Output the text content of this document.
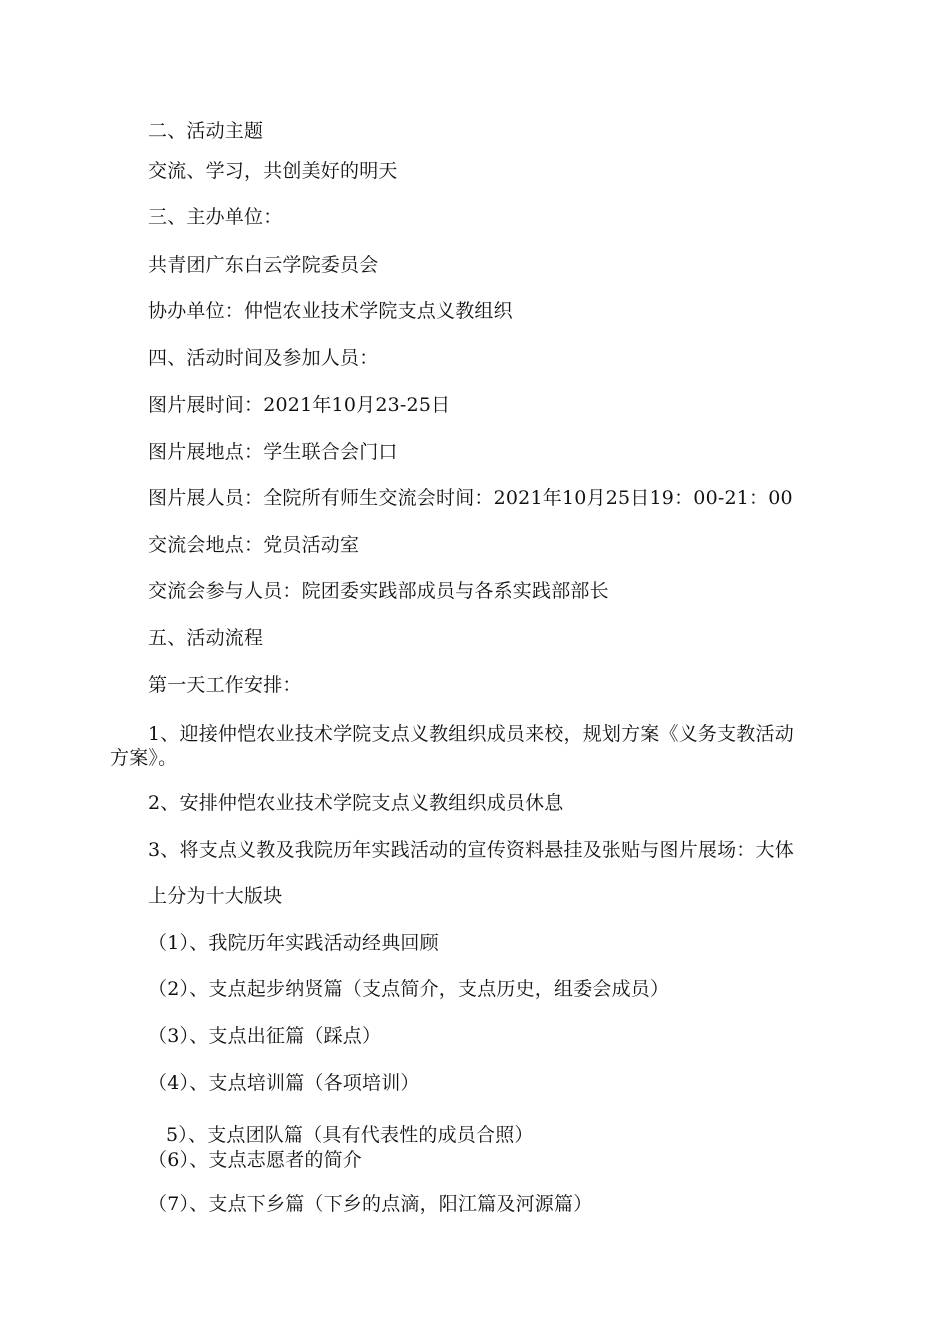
二、活动主题
交流、学习，共创美好的明天
三、主办单位：
共青团广东白云学院委员会
协办单位：仲恺农业技术学院支点义教组织
四、活动时间及参加人员：
图片展时间：2021年10月23-25日
图片展地点：学生联合会门口
图片展人员：全院所有师生交流会时间：2021年10月25日19：00-21：00
交流会地点：党员活动室
交流会参与人员：院团委实践部成员与各系实践部部长
五、活动流程
第一天工作安排：
1、迎接仲恺农业技术学院支点义教组织成员来校，规划方案《义务支教活动方案》。
2、安排仲恺农业技术学院支点义教组织成员休息
3、将支点义教及我院历年实践活动的宣传资料悬挂及张贴与图片展场：大体
上分为十大版块
（1）、我院历年实践活动经典回顾
（2）、支点起步纳贤篇（支点简介，支点历史，组委会成员）
（3）、支点出征篇（踩点）
（4）、支点培训篇（各项培训）
5）、支点团队篇（具有代表性的成员合照）
（6）、支点志愿者的简介
（7）、支点下乡篇（下乡的点滴，阳江篇及河源篇）
